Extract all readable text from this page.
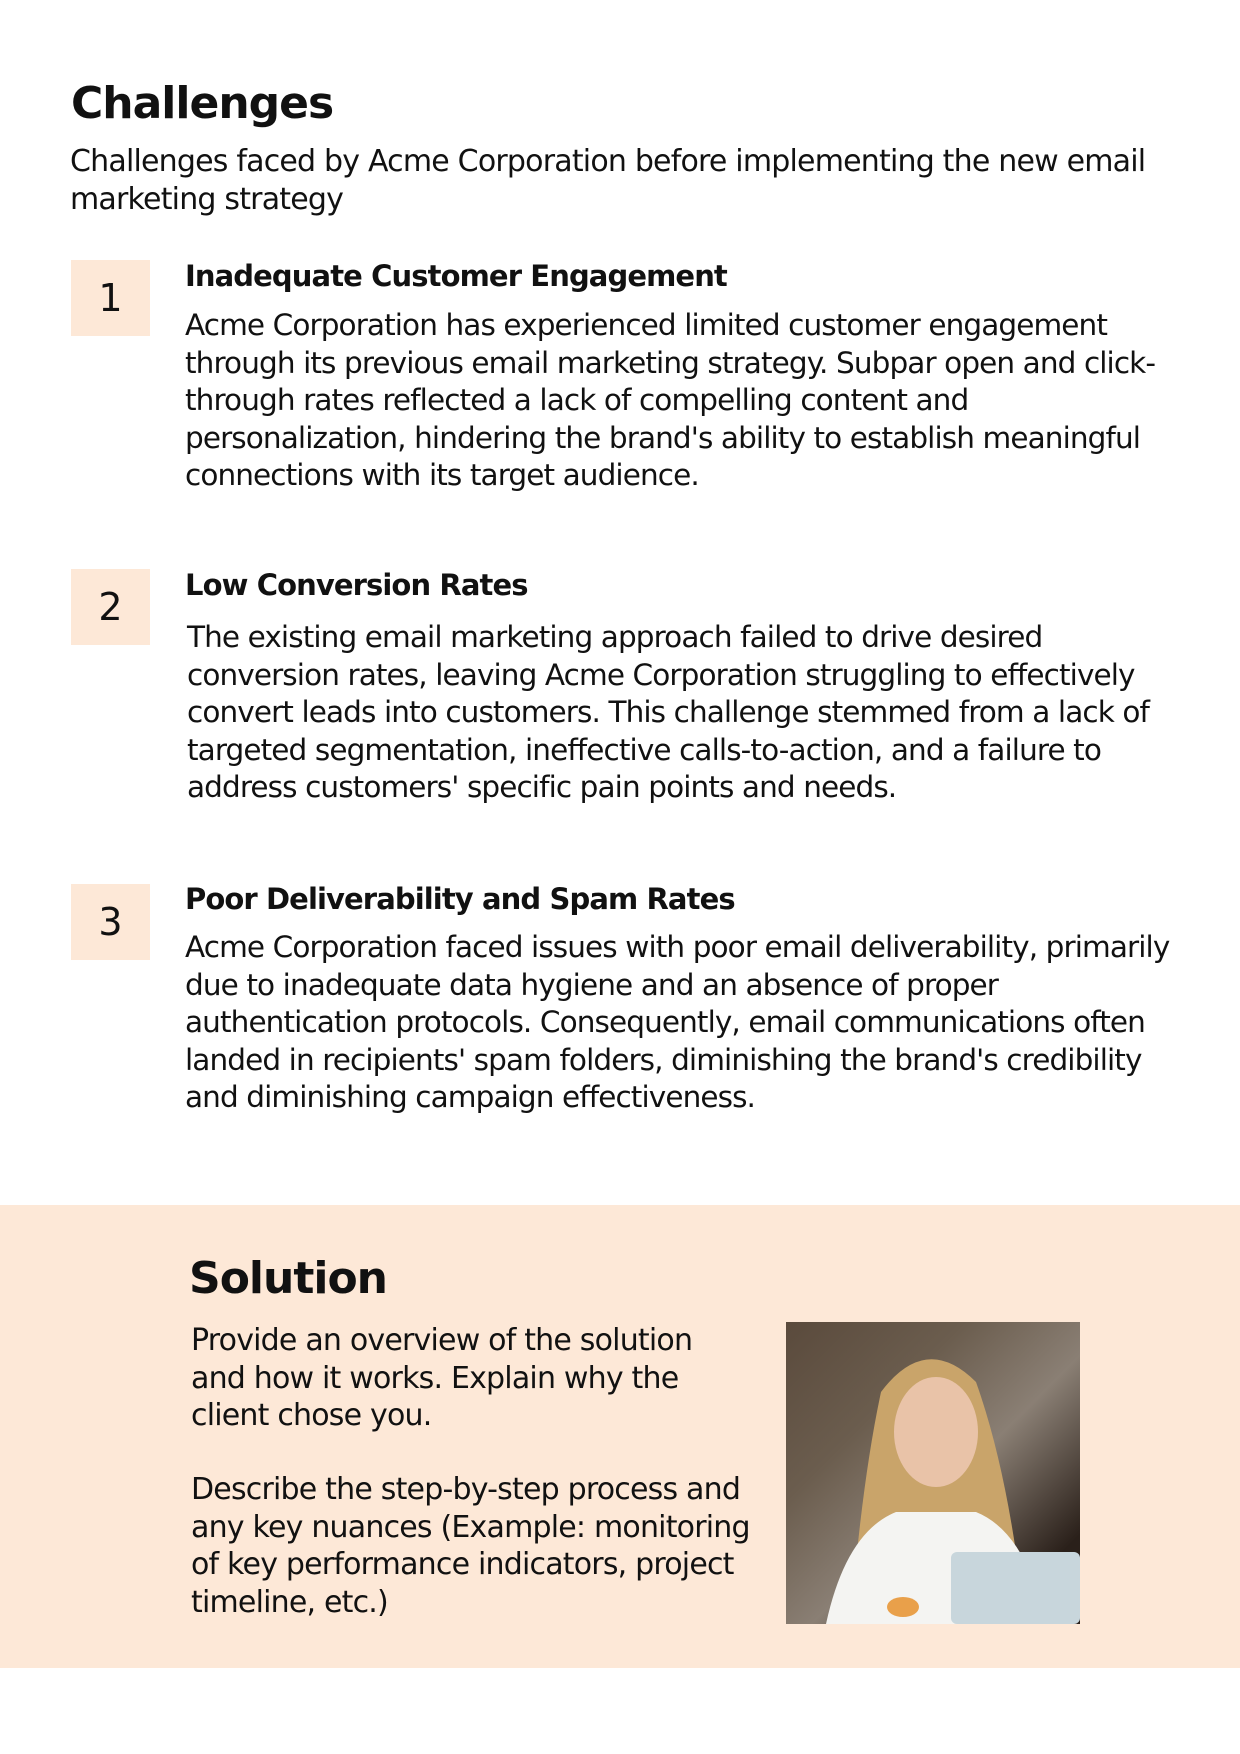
Challenges
Challenges faced by Acme Corporation before implementing the new email marketing strategy
1	Inadequate Customer Engagement
Acme Corporation has experienced limited customer engagement through its previous email marketing strategy. Subpar open and click-through rates reflected a lack of compelling content and personalization, hindering the brand's ability to establish meaningful connections with its target audience.
2	Low Conversion Rates
The existing email marketing approach failed to drive desired conversion rates, leaving Acme Corporation struggling to effectively convert leads into customers. This challenge stemmed from a lack of targeted segmentation, ineffective calls-to-action, and a failure to address customers' specific pain points and needs.
3
Poor Deliverability and Spam Rates
Acme Corporation faced issues with poor email deliverability, primarily due to inadequate data hygiene and an absence of proper authentication protocols. Consequently, email communications often landed in recipients' spam folders, diminishing the brand's credibility and diminishing campaign effectiveness.
Solution
Provide an overview of the solution and how it works. Explain why the client chose you.
Describe the step-by-step process and any key nuances (Example: monitoring of key performance indicators, project timeline, etc.)
